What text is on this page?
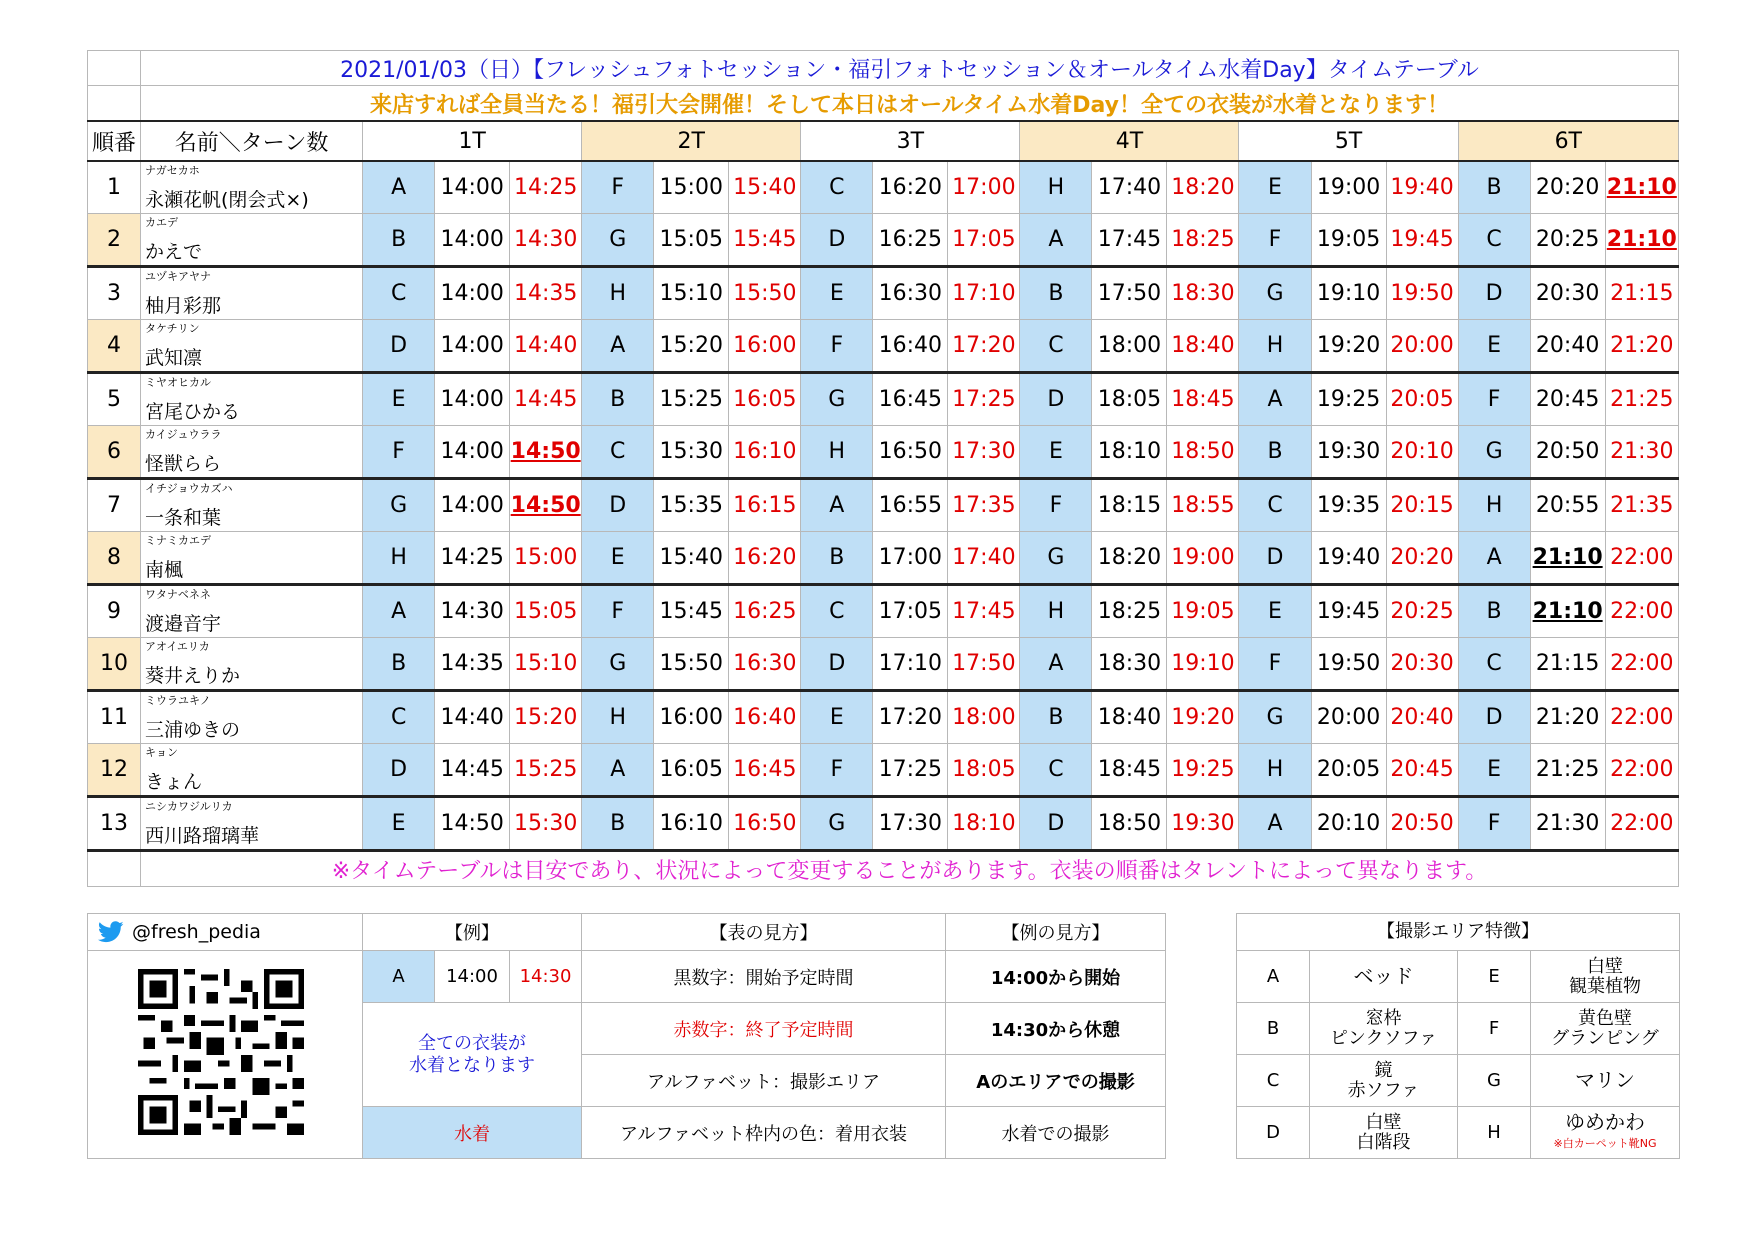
	2021/01/03（日）【フレッシュフォトセッション・福引フォトセッション＆オールタイム水着Day】タイムテーブル																		
	来店すれば全員当たる！福引大会開催！そして本日はオールタイム水着Day！全ての衣装が水着となります！																		
順番	名前＼ターン数	1T			2T			3T			4T			5T			6T		
1	ナガセカホ
永瀬花帆(閉会式×)	A	14:00	14:25	F	15:00	15:40	C	16:20	17:00	H	17:40	18:20	E	19:00	19:40	B	20:20	21:10
2	カエデ
かえで	B	14:00	14:30	G	15:05	15:45	D	16:25	17:05	A	17:45	18:25	F	19:05	19:45	C	20:25	21:10
3	ユヅキアヤナ
柚月彩那	C	14:00	14:35	H	15:10	15:50	E	16:30	17:10	B	17:50	18:30	G	19:10	19:50	D	20:30	21:15
4	タケチリン
武知凛	D	14:00	14:40	A	15:20	16:00	F	16:40	17:20	C	18:00	18:40	H	19:20	20:00	E	20:40	21:20
5	ミヤオヒカル
宮尾ひかる	E	14:00	14:45	B	15:25	16:05	G	16:45	17:25	D	18:05	18:45	A	19:25	20:05	F	20:45	21:25
6	カイジュウララ
怪獣らら	F	14:00	14:50	C	15:30	16:10	H	16:50	17:30	E	18:10	18:50	B	19:30	20:10	G	20:50	21:30
7	イチジョウカズハ
一条和葉	G	14:00	14:50	D	15:35	16:15	A	16:55	17:35	F	18:15	18:55	C	19:35	20:15	H	20:55	21:35
8	ミナミカエデ
南楓	H	14:25	15:00	E	15:40	16:20	B	17:00	17:40	G	18:20	19:00	D	19:40	20:20	A	21:10	22:00
9	ワタナベネネ
渡邉音宇	A	14:30	15:05	F	15:45	16:25	C	17:05	17:45	H	18:25	19:05	E	19:45	20:25	B	21:10	22:00
10	アオイエリカ
葵井えりか	B	14:35	15:10	G	15:50	16:30	D	17:10	17:50	A	18:30	19:10	F	19:50	20:30	C	21:15	22:00
11	ミウラユキノ
三浦ゆきの	C	14:40	15:20	H	16:00	16:40	E	17:20	18:00	B	18:40	19:20	G	20:00	20:40	D	21:20	22:00
12	キョン
きょん	D	14:45	15:25	A	16:05	16:45	F	17:25	18:05	C	18:45	19:25	H	20:05	20:45	E	21:25	22:00
13	ニシカワジルリカ
西川路瑠璃華	E	14:50	15:30	B	16:10	16:50	G	17:30	18:10	D	18:50	19:30	A	20:10	20:50	F	21:30	22:00
	※タイムテーブルは目安であり、状況によって変更することがあります。衣装の順番はタレントによって異なります。																		
@fresh_pedia	【例】			【表の見方】	【例の見方】

	A	14:00	14:30	黒数字：開始予定時間	14:00から開始
	全ての衣装が
水着となります			赤数字：終了予定時間	14:30から休憩
				アルファベット：撮影エリア	Aのエリアでの撮影
	水着			アルファベット枠内の色：着用衣装	水着での撮影
【撮影エリア特徴】			
A	ベッド	E	白壁
観葉植物
B	窓枠
ピンクソファ	F	黄色壁
グランピング
C	鏡
赤ソファ	G	マリン
D	白壁
白階段	H	ゆめかわ
※白カーペット靴NG
